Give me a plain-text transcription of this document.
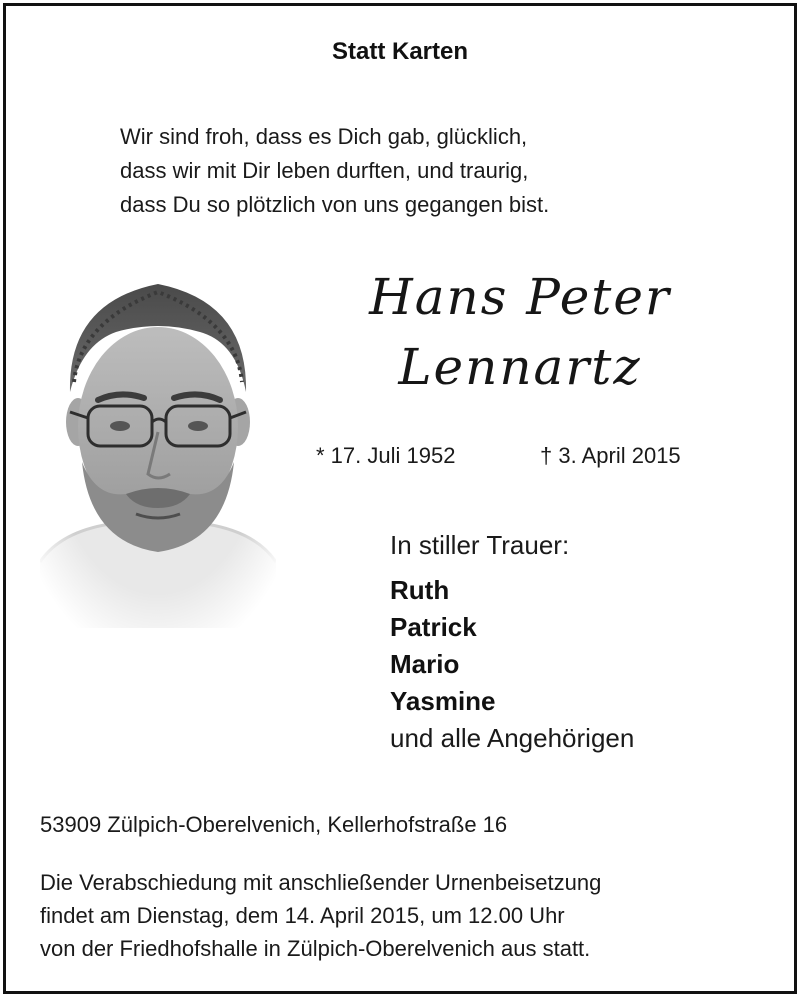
Statt Karten
Wir sind froh, dass es Dich gab, glücklich,
dass wir mit Dir leben durften, und traurig,
dass Du so plötzlich von uns gegangen bist.
Hans Peter
Lennartz
* 17. Juli 1952	† 3. April 2015
In stiller Trauer:
Ruth
Patrick
Mario
Yasmine
und alle Angehörigen
53909 Zülpich-Oberelvenich, Kellerhofstraße 16
Die Verabschiedung mit anschließender Urnenbeisetzung
findet am Dienstag, dem 14. April 2015, um 12.00 Uhr
von der Friedhofshalle in Zülpich-Oberelvenich aus statt.
